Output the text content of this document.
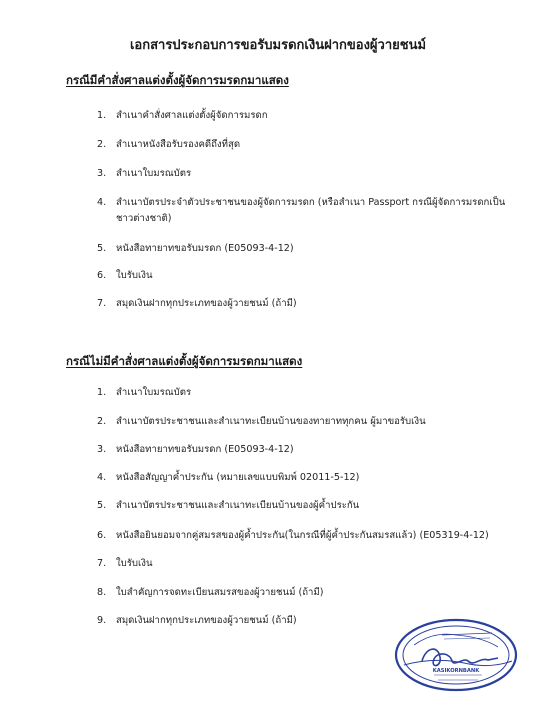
เอกสารประกอบการขอรับมรดกเงินฝากของผู้วายชนม์
กรณีมีคำสั่งศาลแต่งตั้งผู้จัดการมรดกมาแสดง
1.	สำเนาคำสั่งศาลแต่งตั้งผู้จัดการมรดก
2.	สำเนาหนังสือรับรองคดีถึงที่สุด
3.	สำเนาใบมรณบัตร
4.	สำเนาบัตรประจำตัวประชาชนของผู้จัดการมรดก (หรือสำเนา Passport กรณีผู้จัดการมรดกเป็นชาวต่างชาติ)
5.	หนังสือทายาทขอรับมรดก (E05093-4-12)
6.	ใบรับเงิน
7.	สมุดเงินฝากทุกประเภทของผู้วายชนม์ (ถ้ามี)
กรณีไม่มีคำสั่งศาลแต่งตั้งผู้จัดการมรดกมาแสดง
1.	สำเนาใบมรณบัตร
2.	สำเนาบัตรประชาชนและสำเนาทะเบียนบ้านของทายาททุกคน ผู้มาขอรับเงิน
3.	หนังสือทายาทขอรับมรดก (E05093-4-12)
4.	หนังสือสัญญาค้ำประกัน (หมายเลขแบบพิมพ์ 02011-5-12)
5.	สำเนาบัตรประชาชนและสำเนาทะเบียนบ้านของผู้ค้ำประกัน
6.	หนังสือยินยอมจากคู่สมรสของผู้ค้ำประกัน(ในกรณีที่ผู้ค้ำประกันสมรสแล้ว) (E05319-4-12)
7.	ใบรับเงิน
8.	ใบสำคัญการจดทะเบียนสมรสของผู้วายชนม์ (ถ้ามี)
9.	สมุดเงินฝากทุกประเภทของผู้วายชนม์ (ถ้ามี)
KASIKORNBANK
